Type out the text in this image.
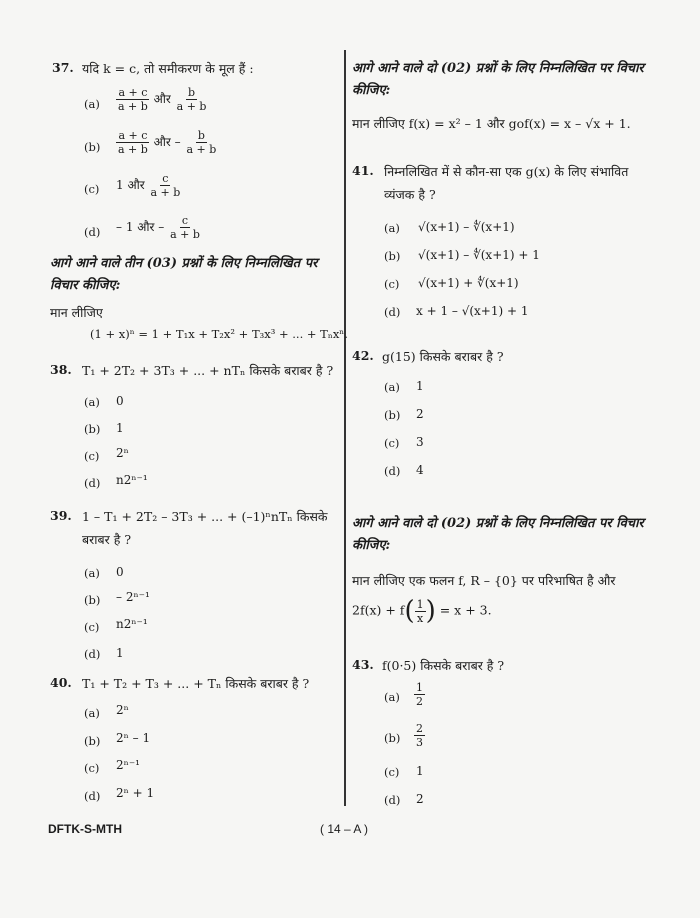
37. यदि k = c, तो समीकरण के मूल हैं :
$(a) \frac{a + c}{a + b}$ और $\frac{b}{a + b}$
$(b) \frac{a + c}{a + b}$ और – $\frac{b}{a + b}$
(c) 1 और $\frac{c}{a + b}$
(d) – 1 और – $\frac{c}{a + b}$
आगे आने वाले तीन (03) प्रश्नों के लिए निम्नलिखित पर विचार कीजिए:
मान लीजिए
(1 + x)ⁿ = 1 + T₁x + T₂x² + T₃x³ + ... + Tₙxⁿ.
38. T₁ + 2T₂ + 3T₃ + ... + nTₙ किसके बराबर है ?
(a) 0
(b) 1
(c) 2ⁿ
(d) n2ⁿ⁻¹
39. 1 – T₁ + 2T₂ – 3T₃ + ... + (–1)ⁿnTₙ किसके
बराबर है ?
(a) 0
(b) – 2ⁿ⁻¹
(c) n2ⁿ⁻¹
(d) 1
40. T₁ + T₂ + T₃ + ... + Tₙ किसके बराबर है ?
(a) 2ⁿ
(b) 2ⁿ – 1
(c) 2ⁿ⁻¹
(d) 2ⁿ + 1
आगे आने वाले दो (02) प्रश्नों के लिए निम्नलिखित पर विचार कीजिए:
मान लीजिए f(x) = x² – 1 और gof(x) = x – √x + 1.
41. निम्नलिखित में से कौन-सा एक g(x) के लिए संभावित
व्यंजक है ?
(a) √(x+1) – ∜(x+1)
(b) √(x+1) – ∜(x+1) + 1
(c) √(x+1) + ∜(x+1)
(d) x + 1 – √(x+1) + 1
42. g(15) किसके बराबर है ?
(a) 1
(b) 2
(c) 3
(d) 4
आगे आने वाले दो (02) प्रश्नों के लिए निम्नलिखित पर विचार कीजिए:
मान लीजिए एक फलन f, R – {0} पर परिभाषित है और
$2f(x) + f( \frac{1}{x}$ ) = x + 3.
43. f(0·5) किसके बराबर है ?
$(a) \frac{1}{2}$
$(b) \frac{2}{3}$
(c) 1
(d) 2
DFTK-S-MTH	( 14 – A )
